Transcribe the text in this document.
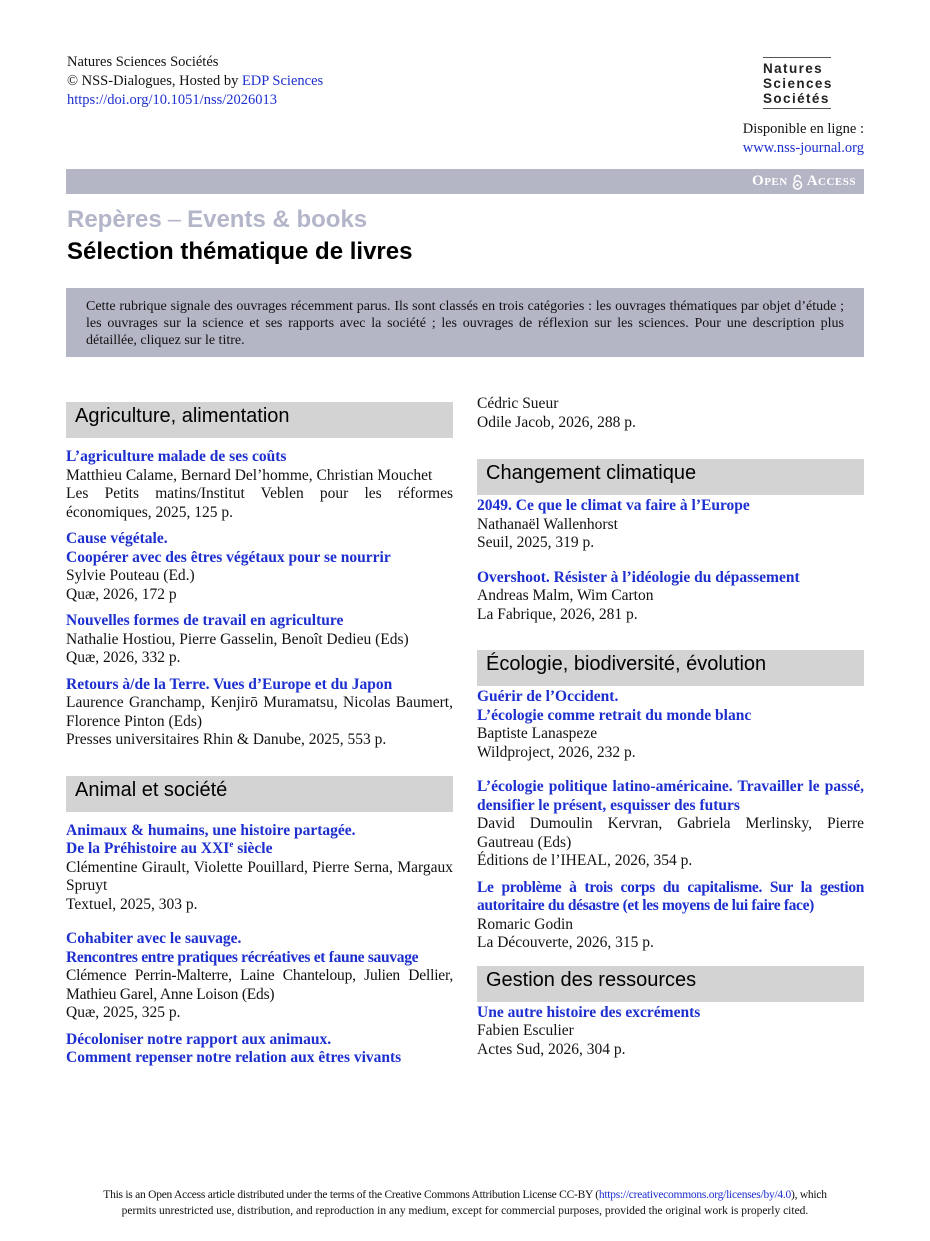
Natures Sciences Sociétés
© NSS-Dialogues, Hosted by EDP Sciences
https://doi.org/10.1051/nss/2026013
Natures
Sciences
Sociétés
Disponible en ligne :
www.nss-journal.org
Open Access
Repères – Events & books
Sélection thématique de livres
Cette rubrique signale des ouvrages récemment parus. Ils sont classés en trois catégories : les ouvrages thématiques par objet d’étude ; les ouvrages sur la science et ses rapports avec la société ; les ouvrages de réflexion sur les sciences. Pour une description plus détaillée, cliquez sur le titre.
Agriculture, alimentation
L’agriculture malade de ses coûts
Matthieu Calame, Bernard Del’homme, Christian Mouchet
Les Petits matins/Institut Veblen pour les réformes économiques, 2025, 125 p.
Cause végétale.
Coopérer avec des êtres végétaux pour se nourrir
Sylvie Pouteau (Ed.)
Quæ, 2026, 172 p
Nouvelles formes de travail en agriculture
Nathalie Hostiou, Pierre Gasselin, Benoît Dedieu (Eds)
Quæ, 2026, 332 p.
Retours à/de la Terre. Vues d’Europe et du Japon
Laurence Granchamp, Kenjirō Muramatsu, Nicolas Baumert, Florence Pinton (Eds)
Presses universitaires Rhin & Danube, 2025, 553 p.
Animal et société
Animaux & humains, une histoire partagée.
De la Préhistoire au XXIe siècle
Clémentine Girault, Violette Pouillard, Pierre Serna, Margaux Spruyt
Textuel, 2025, 303 p.
Cohabiter avec le sauvage.
Rencontres entre pratiques récréatives et faune sauvage
Clémence Perrin-Malterre, Laine Chanteloup, Julien Dellier, Mathieu Garel, Anne Loison (Eds)
Quæ, 2025, 325 p.
Décoloniser notre rapport aux animaux.
Comment repenser notre relation aux êtres vivants
Cédric Sueur
Odile Jacob, 2026, 288 p.
Changement climatique
2049. Ce que le climat va faire à l’Europe
Nathanaël Wallenhorst
Seuil, 2025, 319 p.
Overshoot. Résister à l’idéologie du dépassement
Andreas Malm, Wim Carton
La Fabrique, 2026, 281 p.
Écologie, biodiversité, évolution
Guérir de l’Occident.
L’écologie comme retrait du monde blanc
Baptiste Lanaspeze
Wildproject, 2026, 232 p.
L’écologie politique latino-américaine. Travailler le passé, densifier le présent, esquisser des futurs
David Dumoulin Kervran, Gabriela Merlinsky, Pierre Gautreau (Eds)
Éditions de l’IHEAL, 2026, 354 p.
Le problème à trois corps du capitalisme. Sur la gestion autoritaire du désastre (et les moyens de lui faire face)
Romaric Godin
La Découverte, 2026, 315 p.
Gestion des ressources
Une autre histoire des excréments
Fabien Esculier
Actes Sud, 2026, 304 p.
This is an Open Access article distributed under the terms of the Creative Commons Attribution License CC-BY (https://creativecommons.org/licenses/by/4.0), which
permits unrestricted use, distribution, and reproduction in any medium, except for commercial purposes, provided the original work is properly cited.
